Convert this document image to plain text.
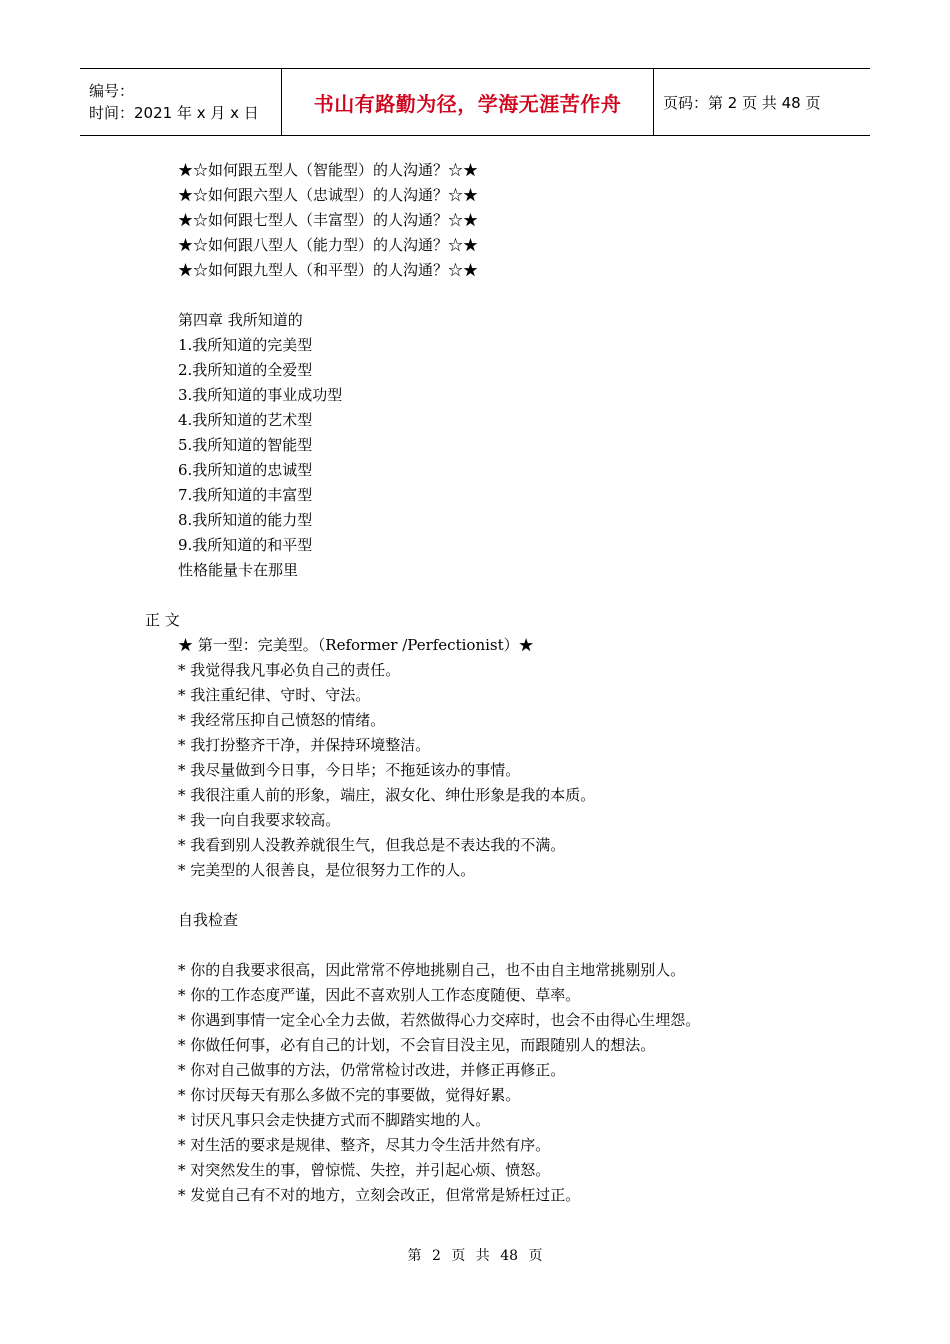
编号：
时间：2021 年 x 月 x 日	书山有路勤为径，学海无涯苦作舟	页码：第 2 页 共 48 页
★☆如何跟五型人（智能型）的人沟通？☆★
★☆如何跟六型人（忠诚型）的人沟通？☆★
★☆如何跟七型人（丰富型）的人沟通？☆★
★☆如何跟八型人（能力型）的人沟通？☆★
★☆如何跟九型人（和平型）的人沟通？☆★
第四章 我所知道的
1.我所知道的完美型
2.我所知道的全爱型
3.我所知道的事业成功型
4.我所知道的艺术型
5.我所知道的智能型
6.我所知道的忠诚型
7.我所知道的丰富型
8.我所知道的能力型
9.我所知道的和平型
性格能量卡在那里
正 文
★ 第一型：完美型。（Reformer /Perfectionist）★
* 我觉得我凡事必负自己的责任。
* 我注重纪律、守时、守法。
* 我经常压抑自己愤怒的情绪。
* 我打扮整齐干净，并保持环境整洁。
* 我尽量做到今日事，今日毕；不拖延该办的事情。
* 我很注重人前的形象，端庄，淑女化、绅仕形象是我的本质。
* 我一向自我要求较高。
* 我看到别人没教养就很生气，但我总是不表达我的不满。
* 完美型的人很善良，是位很努力工作的人。
自我检查
* 你的自我要求很高，因此常常不停地挑剔自己，也不由自主地常挑剔别人。
* 你的工作态度严谨，因此不喜欢别人工作态度随便、草率。
* 你遇到事情一定全心全力去做，若然做得心力交瘁时，也会不由得心生埋怨。
* 你做任何事，必有自己的计划，不会盲目没主见，而跟随别人的想法。
* 你对自己做事的方法，仍常常检讨改进，并修正再修正。
* 你讨厌每天有那么多做不完的事要做，觉得好累。
* 讨厌凡事只会走快捷方式而不脚踏实地的人。
* 对生活的要求是规律、整齐，尽其力令生活井然有序。
* 对突然发生的事，曾惊慌、失控，并引起心烦、愤怒。
* 发觉自己有不对的地方，立刻会改正，但常常是矫枉过正。
第 2 页 共 48 页
